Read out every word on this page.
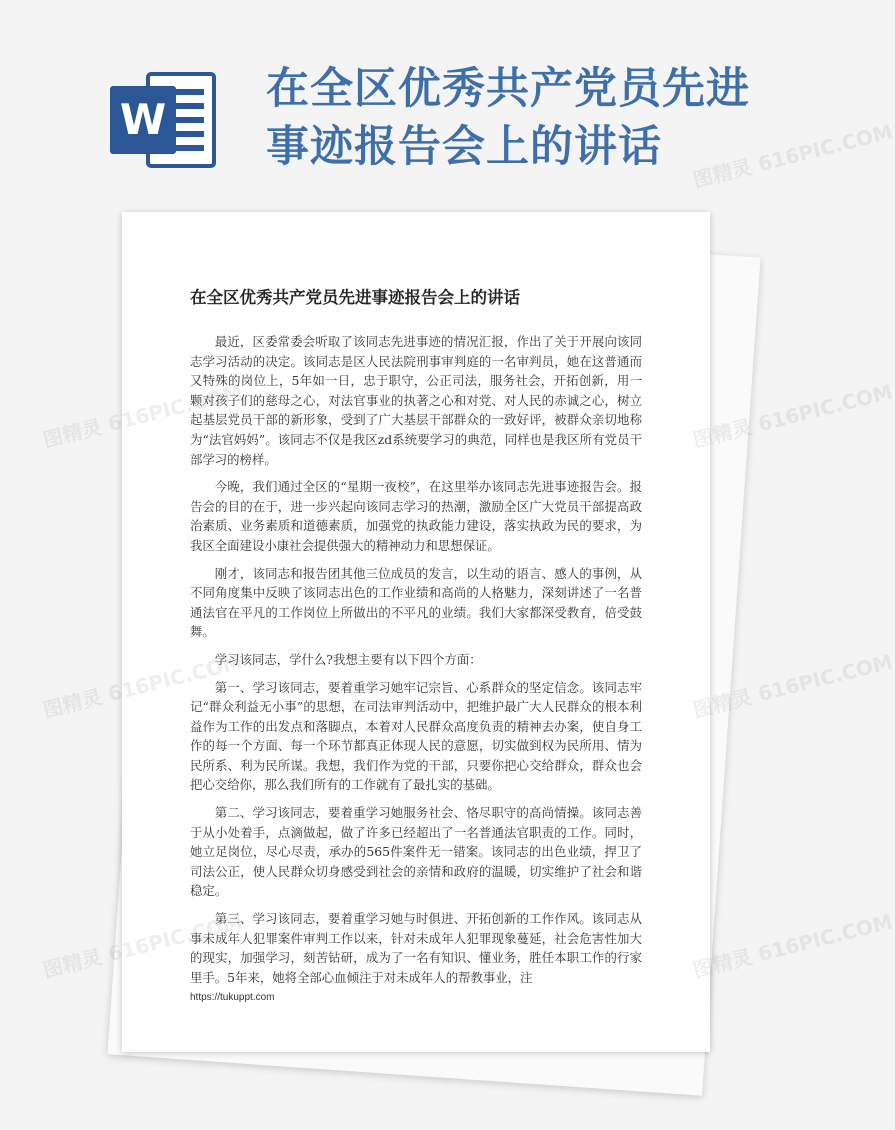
W
在全区优秀共产党员先进事迹报告会上的讲话
在全区优秀共产党员先进事迹报告会上的讲话

最近，区委常委会听取了该同志先进事迹的情况汇报，作出了关于开展向该同志学习活动的决定。该同志是区人民法院刑事审判庭的一名审判员，她在这普通而又特殊的岗位上，5年如一日，忠于职守，公正司法，服务社会，开拓创新，用一颗对孩子们的慈母之心，对法官事业的执著之心和对党、对人民的赤诚之心，树立起基层党员干部的新形象，受到了广大基层干部群众的一致好评，被群众亲切地称为“法官妈妈”。该同志不仅是我区zd系统要学习的典范，同样也是我区所有党员干部学习的榜样。

今晚，我们通过全区的“星期一夜校”，在这里举办该同志先进事迹报告会。报告会的目的在于，进一步兴起向该同志学习的热潮，激励全区广大党员干部提高政治素质、业务素质和道德素质，加强党的执政能力建设，落实执政为民的要求，为我区全面建设小康社会提供强大的精神动力和思想保证。

刚才，该同志和报告团其他三位成员的发言，以生动的语言、感人的事例，从不同角度集中反映了该同志出色的工作业绩和高尚的人格魅力，深刻讲述了一名普通法官在平凡的工作岗位上所做出的不平凡的业绩。我们大家都深受教育，倍受鼓舞。

学习该同志，学什么?我想主要有以下四个方面：

第一、学习该同志，要着重学习她牢记宗旨、心系群众的坚定信念。该同志牢记“群众利益无小事”的思想，在司法审判活动中，把维护最广大人民群众的根本利益作为工作的出发点和落脚点，本着对人民群众高度负责的精神去办案，使自身工作的每一个方面、每一个环节都真正体现人民的意愿，切实做到权为民所用、情为民所系、利为民所谋。我想，我们作为党的干部，只要你把心交给群众，群众也会把心交给你，那么我们所有的工作就有了最扎实的基础。

第二、学习该同志，要着重学习她服务社会、恪尽职守的高尚情操。该同志善于从小处着手，点滴做起，做了许多已经超出了一名普通法官职责的工作。同时，她立足岗位，尽心尽责，承办的565件案件无一错案。该同志的出色业绩，捍卫了司法公正，使人民群众切身感受到社会的亲情和政府的温暖，切实维护了社会和谐稳定。

第三、学习该同志，要着重学习她与时俱进、开拓创新的工作作风。该同志从事未成年人犯罪案件审判工作以来，针对未成年人犯罪现象蔓延，社会危害性加大的现实，加强学习，刻苦钻研，成为了一名有知识、懂业务，胜任本职工作的行家里手。5年来，她将全部心血倾注于对未成年人的帮教事业，注

https://tukuppt.com
图精灵 616PIC.COM
图精灵	图精灵 616PIC.COM
图精灵	图精灵 616PIC.COM
图精灵	图精灵 616PIC.COM
